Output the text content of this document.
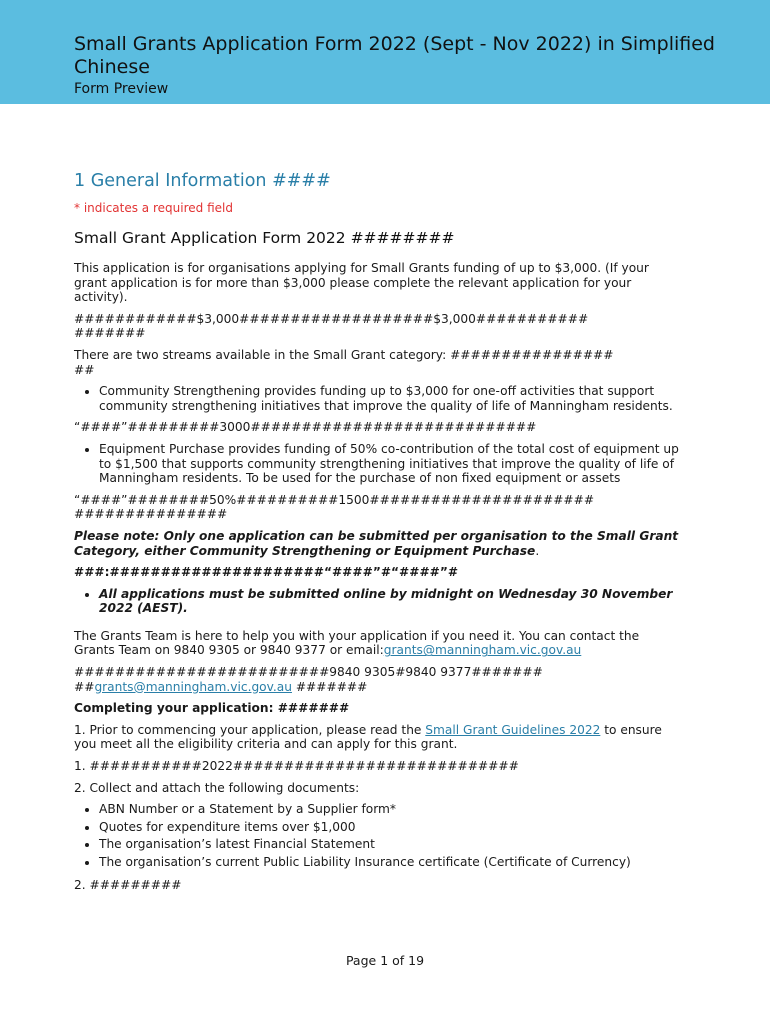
Small Grants Application Form 2022 (Sept - Nov 2022) in Simplified Chinese
Form Preview
1 General Information ####
* indicates a required field
Small Grant Application Form 2022 ########

This application is for organisations applying for Small Grants funding of up to $3,000. (If your grant application is for more than $3,000 please complete the relevant application for your activity).

############$3,000###################$3,000###########
#######

There are two streams available in the Small Grant category: ################
##

• Community Strengthening provides funding up to $3,000 for one-off activities that support community strengthening initiatives that improve the quality of life of Manningham residents.

“####”#########3000############################

• Equipment Purchase provides funding of 50% co-contribution of the total cost of equipment up to $1,500 that supports community strengthening initiatives that improve the quality of life of Manningham residents. To be used for the purchase of non fixed equipment or assets

“####”########50%##########1500######################
###############

Please note: Only one application can be submitted per organisation to the Small Grant Category, either Community Strengthening or Equipment Purchase.

###:#####################“####”#“####”#

• All applications must be submitted online by midnight on Wednesday 30 November 2022 (AEST).

The Grants Team is here to help you with your application if you need it. You can contact the Grants Team on 9840 9305 or 9840 9377 or email:grants@manningham.vic.gov.au

#########################9840 9305#9840 9377#######
##grants@manningham.vic.gov.au #######

Completing your application: #######

1. Prior to commencing your application, please read the Small Grant Guidelines 2022 to ensure you meet all the eligibility criteria and can apply for this grant.

1. ###########2022############################

2. Collect and attach the following documents:

• ABN Number or a Statement by a Supplier form*
• Quotes for expenditure items over $1,000
• The organisation’s latest Financial Statement
• The organisation’s current Public Liability Insurance certificate (Certificate of Currency)

2. #########

Page 1 of 19
